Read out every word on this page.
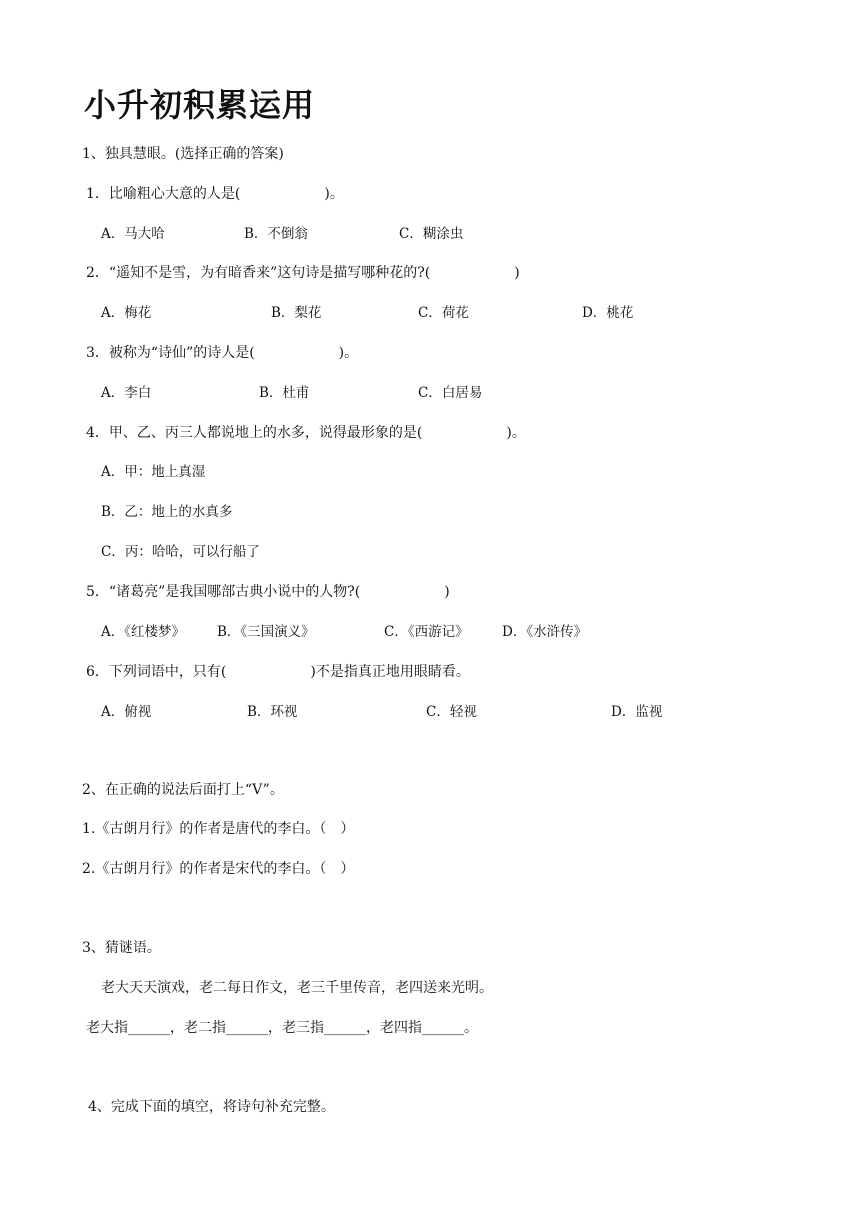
小升初积累运用
1、独具慧眼。(选择正确的答案)
1．比喻粗心大意的人是(　　　　　　)。
A．马大哈	B．不倒翁	C．糊涂虫
2．“遥知不是雪，为有暗香来”这句诗是描写哪种花的?(　　　　　　)
A．梅花	B．梨花	C．荷花	D．桃花
3．被称为“诗仙”的诗人是(　　　　　　)。
A．李白	B．杜甫	C．白居易
4．甲、乙、丙三人都说地上的水多，说得最形象的是(　　　　　　)。
A．甲：地上真湿
B．乙：地上的水真多
C．丙：哈哈，可以行船了
5．“诸葛亮”是我国哪部古典小说中的人物?(　　　　　　)
A．《红楼梦》 B．《三国演义》	C．《西游记》 D．《水浒传》
6．下列词语中，只有(　　　　　　)不是指真正地用眼睛看。
A．俯视	B．环视	C．轻视	D．监视
2、在正确的说法后面打上“V”。
1.《古朗月行》的作者是唐代的李白。（　）
2.《古朗月行》的作者是宋代的李白。（　）
3、猜谜语。
老大天天演戏，老二每日作文，老三千里传音，老四送来光明。
老大指______，老二指______，老三指______，老四指______。
4、完成下面的填空，将诗句补充完整。
